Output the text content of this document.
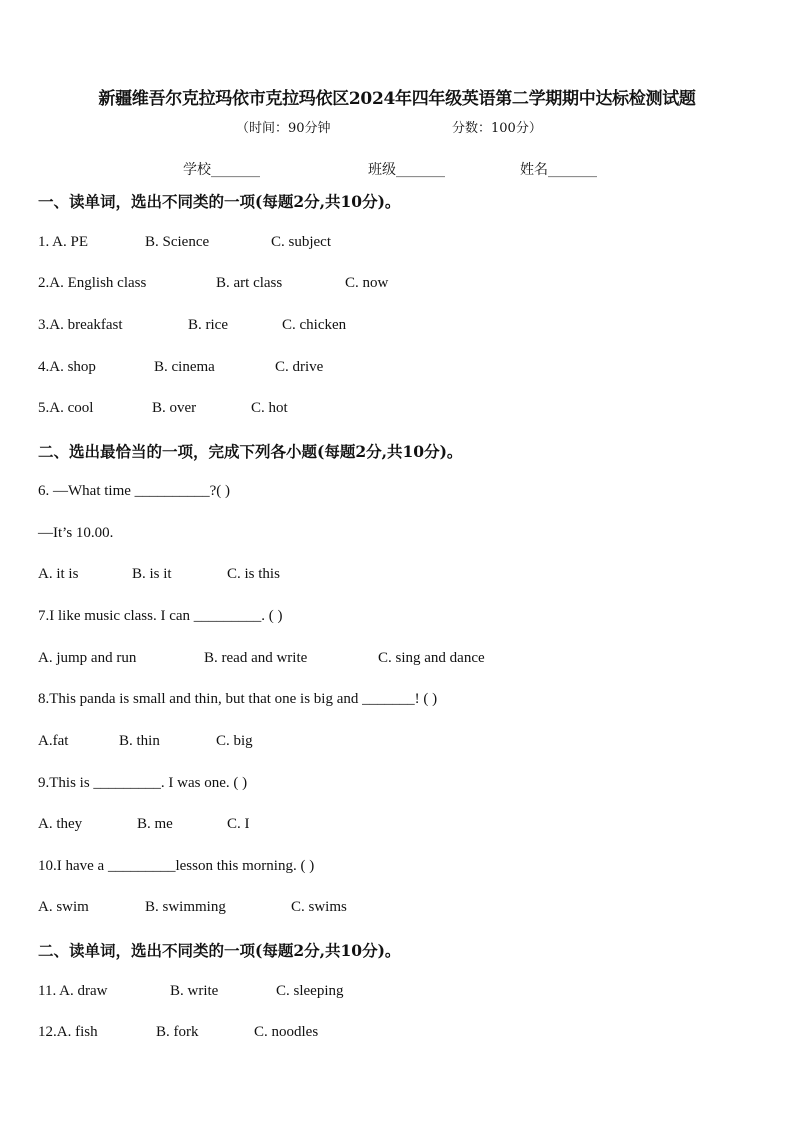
新疆维吾尔克拉玛依市克拉玛依区2024年四年级英语第二学期期中达标检测试题
（时间：90分钟	分数：100分）
学校_______	班级_______	姓名_______
一、读单词，选出不同类的一项(每题2分,共10分)。
1. A. PE	B. Science	C. subject
2.A. English class	B. art class	C. now
3.A. breakfast	B. rice	C. chicken
4.A. shop	B. cinema	C. drive
5.A. cool	B. over	C. hot
二、选出最恰当的一项，完成下列各小题(每题2分,共10分)。
6. —What time __________?( )
—It’s 10.00.
A. it is	B. is it	C. is this
7.I like music class. I can _________. ( )
A. jump and run	B. read and write	C. sing and dance
8.This panda is small and thin, but that one is big and _______! ( )
A.fat	B. thin	C. big
9.This is _________. I was one. ( )
A. they	B. me	C. I
10.I have a _________lesson this morning. ( )
A. swim	B. swimming	C. swims
二、读单词，选出不同类的一项(每题2分,共10分)。
11. A. draw	B. write	C. sleeping
12.A. fish	B. fork	C. noodles
